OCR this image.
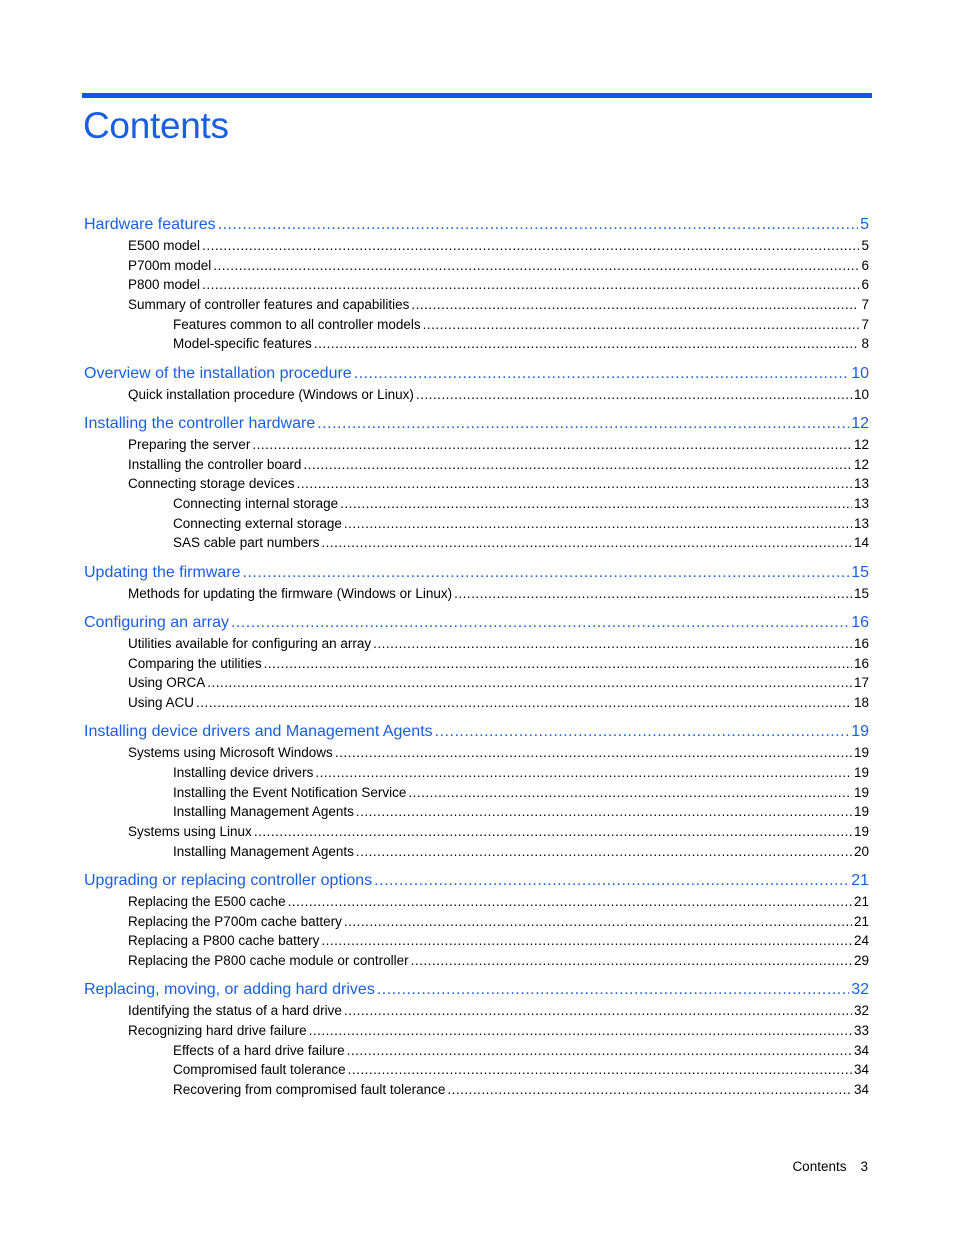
Contents
Hardware features .....	5
E500 model .....	5
P700m model .....	6
P800 model .....	6
Summary of controller features and capabilities .....	7
Features common to all controller models .....	7
Model-specific features .....	8
Overview of the installation procedure .....	10
Quick installation procedure (Windows or Linux) .....	10
Installing the controller hardware .....	12
Preparing the server .....	12
Installing the controller board .....	12
Connecting storage devices .....	13
Connecting internal storage .....	13
Connecting external storage .....	13
SAS cable part numbers .....	14
Updating the firmware .....	15
Methods for updating the firmware (Windows or Linux) .....	15
Configuring an array .....	16
Utilities available for configuring an array .....	16
Comparing the utilities .....	16
Using ORCA .....	17
Using ACU .....	18
Installing device drivers and Management Agents .....	19
Systems using Microsoft Windows .....	19
Installing device drivers .....	19
Installing the Event Notification Service .....	19
Installing Management Agents .....	19
Systems using Linux .....	19
Installing Management Agents .....	20
Upgrading or replacing controller options .....	21
Replacing the E500 cache .....	21
Replacing the P700m cache battery .....	21
Replacing a P800 cache battery .....	24
Replacing the P800 cache module or controller .....	29
Replacing, moving, or adding hard drives .....	32
Identifying the status of a hard drive .....	32
Recognizing hard drive failure .....	33
Effects of a hard drive failure .....	34
Compromised fault tolerance .....	34
Recovering from compromised fault tolerance .....	34
Contents 3
